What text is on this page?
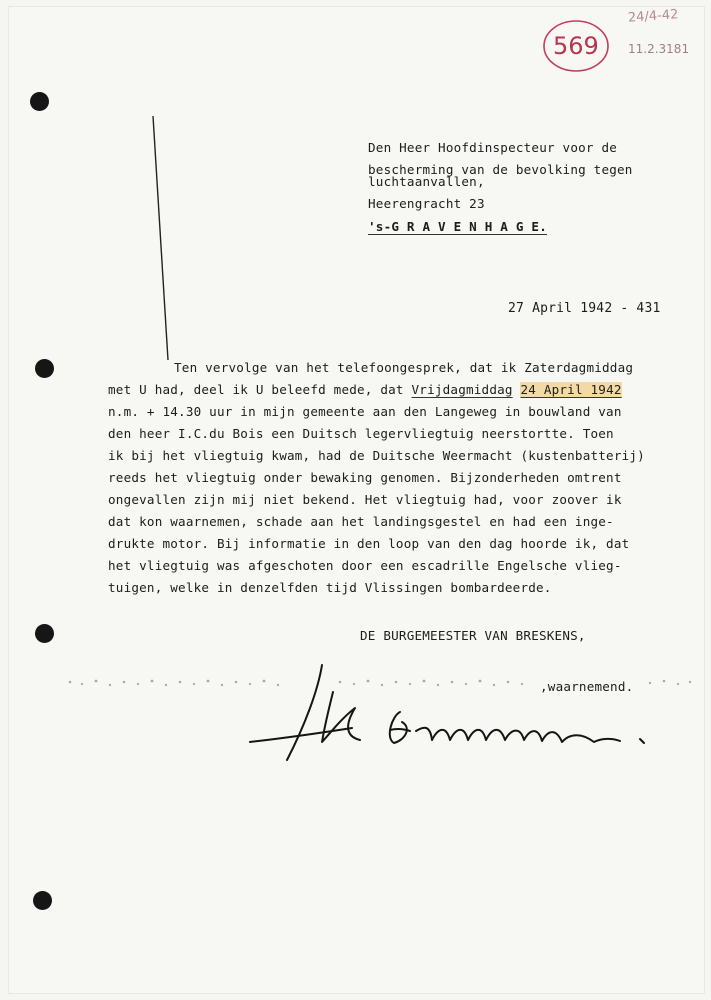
569
24/4-42
11.2.3181
Den Heer Hoofdinspecteur voor de
bescherming van de bevolking tegen
luchtaanvallen,
Heerengracht 23
's-G R A V E N H A G E.
27 April 1942 - 431
Ten vervolge van het telefoongesprek, dat ik Zaterdagmiddag
met U had, deel ik U beleefd mede, dat Vrijdagmiddag 24 April 1942
n.m. + 14.30 uur in mijn gemeente aan den Langeweg in bouwland van
den heer I.C.du Bois een Duitsch legervliegtuig neerstortte. Toen
ik bij het vliegtuig kwam, had de Duitsche Weermacht (kustenbatterij)
reeds het vliegtuig onder bewaking genomen. Bijzonderheden omtrent
ongevallen zijn mij niet bekend. Het vliegtuig had, voor zoover ik
dat kon waarnemen, schade aan het landingsgestel en had een inge-
drukte motor. Bij informatie in den loop van den dag hoorde ik, dat
het vliegtuig was afgeschoten door een escadrille Engelsche vlieg-
tuigen, welke in denzelfden tijd Vlissingen bombardeerde.
DE BURGEMEESTER VAN BRESKENS,
,waarnemend.
